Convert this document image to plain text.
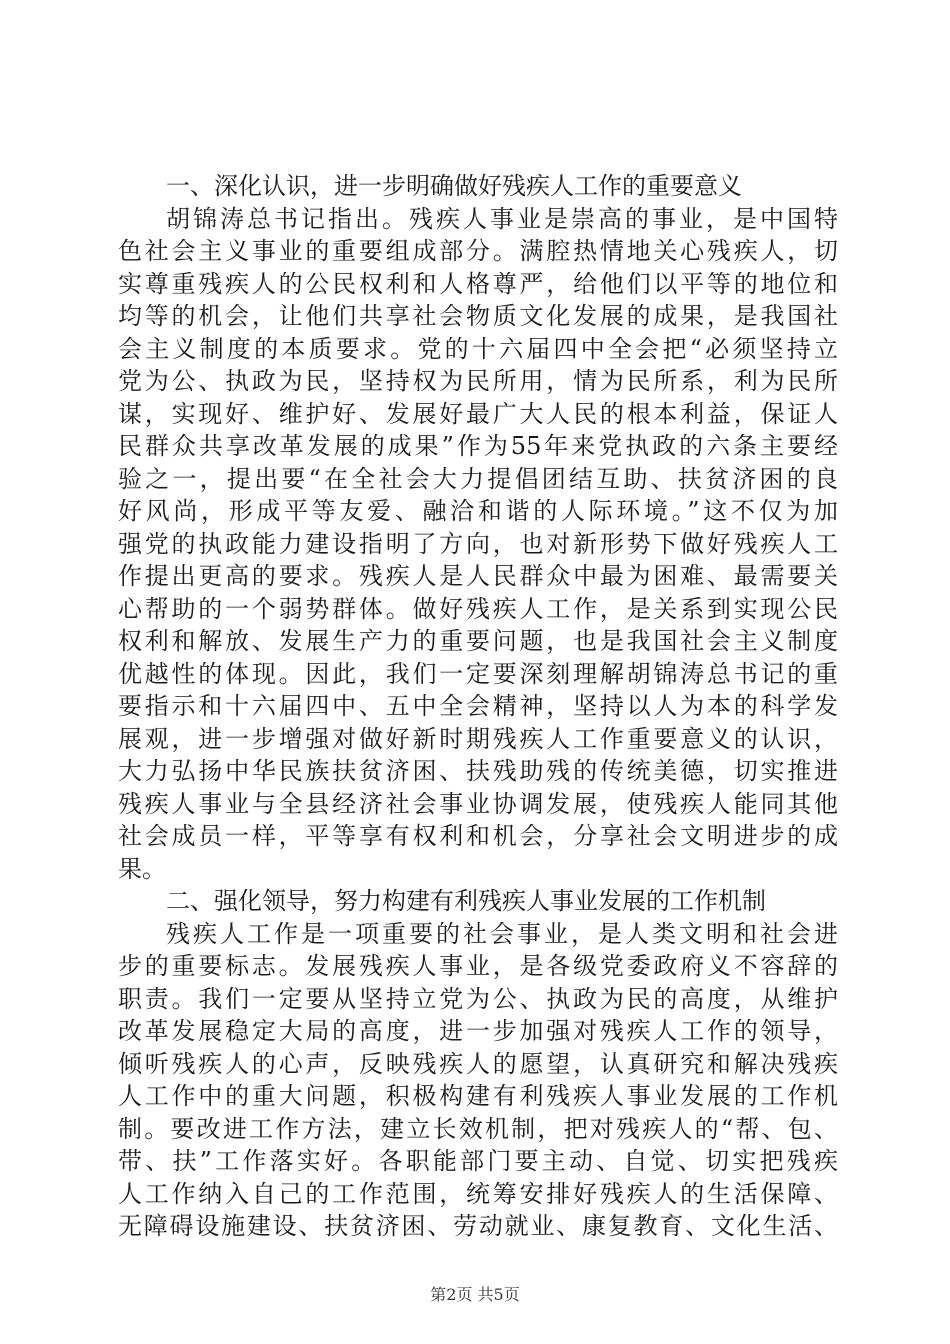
一、深化认识，进一步明确做好残疾人工作的重要意义
胡锦涛总书记指出。残疾人事业是崇高的事业，是中国特
色社会主义事业的重要组成部分。满腔热情地关心残疾人，切
实尊重残疾人的公民权利和人格尊严，给他们以平等的地位和
均等的机会，让他们共享社会物质文化发展的成果，是我国社
会主义制度的本质要求。党的十六届四中全会把“必须坚持立
党为公、执政为民，坚持权为民所用，情为民所系，利为民所
谋，实现好、维护好、发展好最广大人民的根本利益，保证人
民群众共享改革发展的成果”作为55年来党执政的六条主要经
验之一，提出要“在全社会大力提倡团结互助、扶贫济困的良
好风尚，形成平等友爱、融洽和谐的人际环境。”这不仅为加
强党的执政能力建设指明了方向，也对新形势下做好残疾人工
作提出更高的要求。残疾人是人民群众中最为困难、最需要关
心帮助的一个弱势群体。做好残疾人工作，是关系到实现公民
权利和解放、发展生产力的重要问题，也是我国社会主义制度
优越性的体现。因此，我们一定要深刻理解胡锦涛总书记的重
要指示和十六届四中、五中全会精神，坚持以人为本的科学发
展观，进一步增强对做好新时期残疾人工作重要意义的认识，
大力弘扬中华民族扶贫济困、扶残助残的传统美德，切实推进
残疾人事业与全县经济社会事业协调发展，使残疾人能同其他
社会成员一样，平等享有权利和机会，分享社会文明进步的成
果。
二、强化领导，努力构建有利残疾人事业发展的工作机制
残疾人工作是一项重要的社会事业，是人类文明和社会进
步的重要标志。发展残疾人事业，是各级党委政府义不容辞的
职责。我们一定要从坚持立党为公、执政为民的高度，从维护
改革发展稳定大局的高度，进一步加强对残疾人工作的领导，
倾听残疾人的心声，反映残疾人的愿望，认真研究和解决残疾
人工作中的重大问题，积极构建有利残疾人事业发展的工作机
制。要改进工作方法，建立长效机制，把对残疾人的“帮、包、
带、扶”工作落实好。各职能部门要主动、自觉、切实把残疾
人工作纳入自己的工作范围，统筹安排好残疾人的生活保障、
无障碍设施建设、扶贫济困、劳动就业、康复教育、文化生活、
第2页 共5页
